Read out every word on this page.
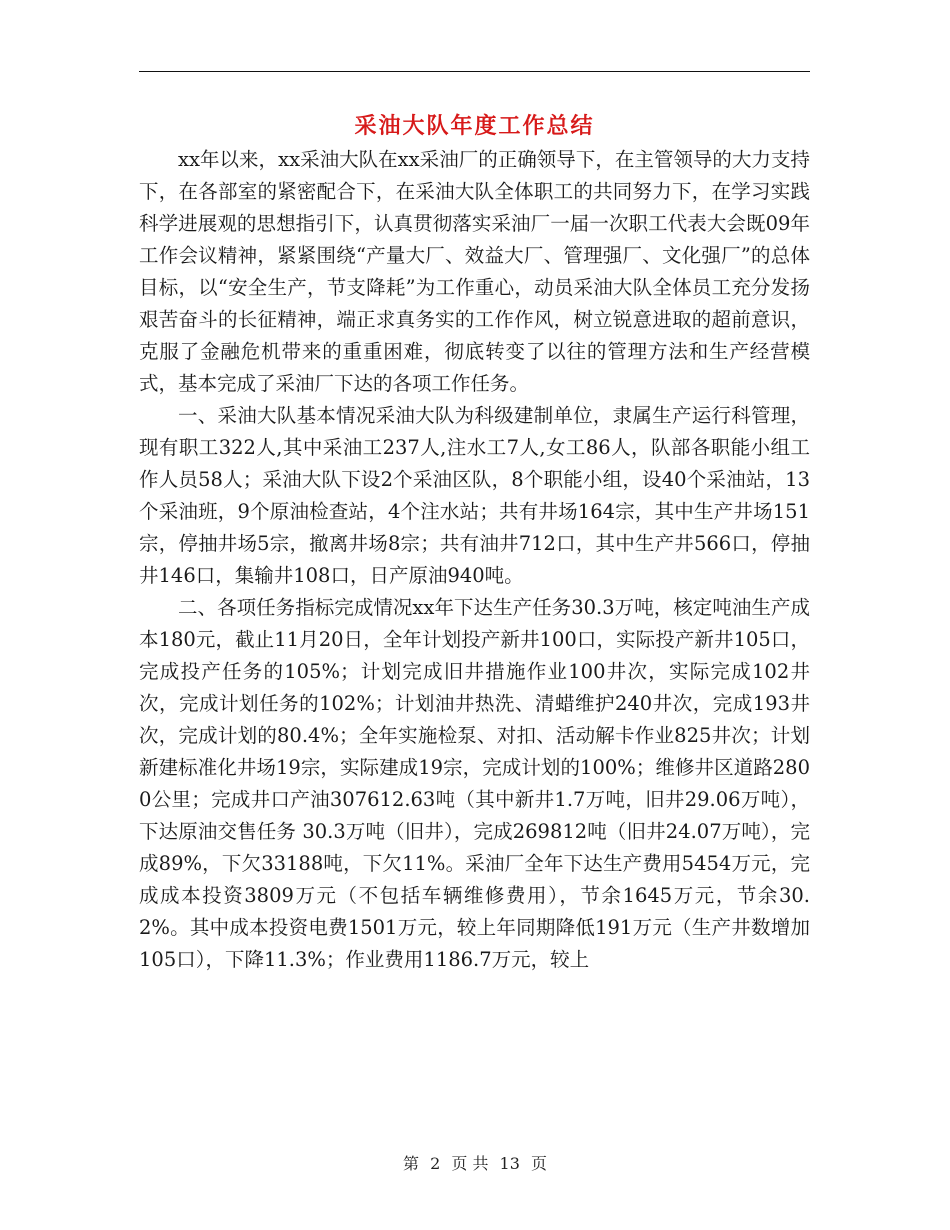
采油大队年度工作总结

xx年以来，xx采油大队在xx采油厂的正确领导下，在主管领导的大力支持下，在各部室的紧密配合下，在采油大队全体职工的共同努力下，在学习实践科学进展观的思想指引下，认真贯彻落实采油厂一届一次职工代表大会既09年工作会议精神，紧紧围绕“产量大厂、效益大厂、管理强厂、文化强厂”的总体目标，以“安全生产，节支降耗”为工作重心，动员采油大队全体员工充分发扬艰苦奋斗的长征精神，端正求真务实的工作作风，树立锐意进取的超前意识，克服了金融危机带来的重重困难，彻底转变了以往的管理方法和生产经营模式，基本完成了采油厂下达的各项工作任务。

一、采油大队基本情况采油大队为科级建制单位，隶属生产运行科管理，现有职工322人,其中采油工237人,注水工7人,女工86人，队部各职能小组工作人员58人；采油大队下设2个采油区队，8个职能小组，设40个采油站，13个采油班，9个原油检查站，4个注水站；共有井场164宗，其中生产井场151宗，停抽井场5宗，撤离井场8宗；共有油井712口，其中生产井566口，停抽井146口，集输井108口，日产原油940吨。

二、各项任务指标完成情况xx年下达生产任务30.3万吨，核定吨油生产成本180元，截止11月20日，全年计划投产新井100口，实际投产新井105口，完成投产任务的105%；计划完成旧井措施作业100井次，实际完成102井次，完成计划任务的102%；计划油井热洗、清蜡维护240井次，完成193井次，完成计划的80.4%；全年实施检泵、对扣、活动解卡作业825井次；计划新建标准化井场19宗，实际建成19宗，完成计划的100%；维修井区道路2800公里；完成井口产油307612.63吨（其中新井1.7万吨，旧井29.06万吨），下达原油交售任务 30.3万吨（旧井），完成269812吨（旧井24.07万吨），完成89%，下欠33188吨，下欠11%。采油厂全年下达生产费用5454万元，完成成本投资3809万元（不包括车辆维修费用），节余1645万元，节余30.2%。其中成本投资电费1501万元，较上年同期降低191万元（生产井数增加105口），下降11.3%；作业费用1186.7万元，较上

第 2 页 共 13 页
